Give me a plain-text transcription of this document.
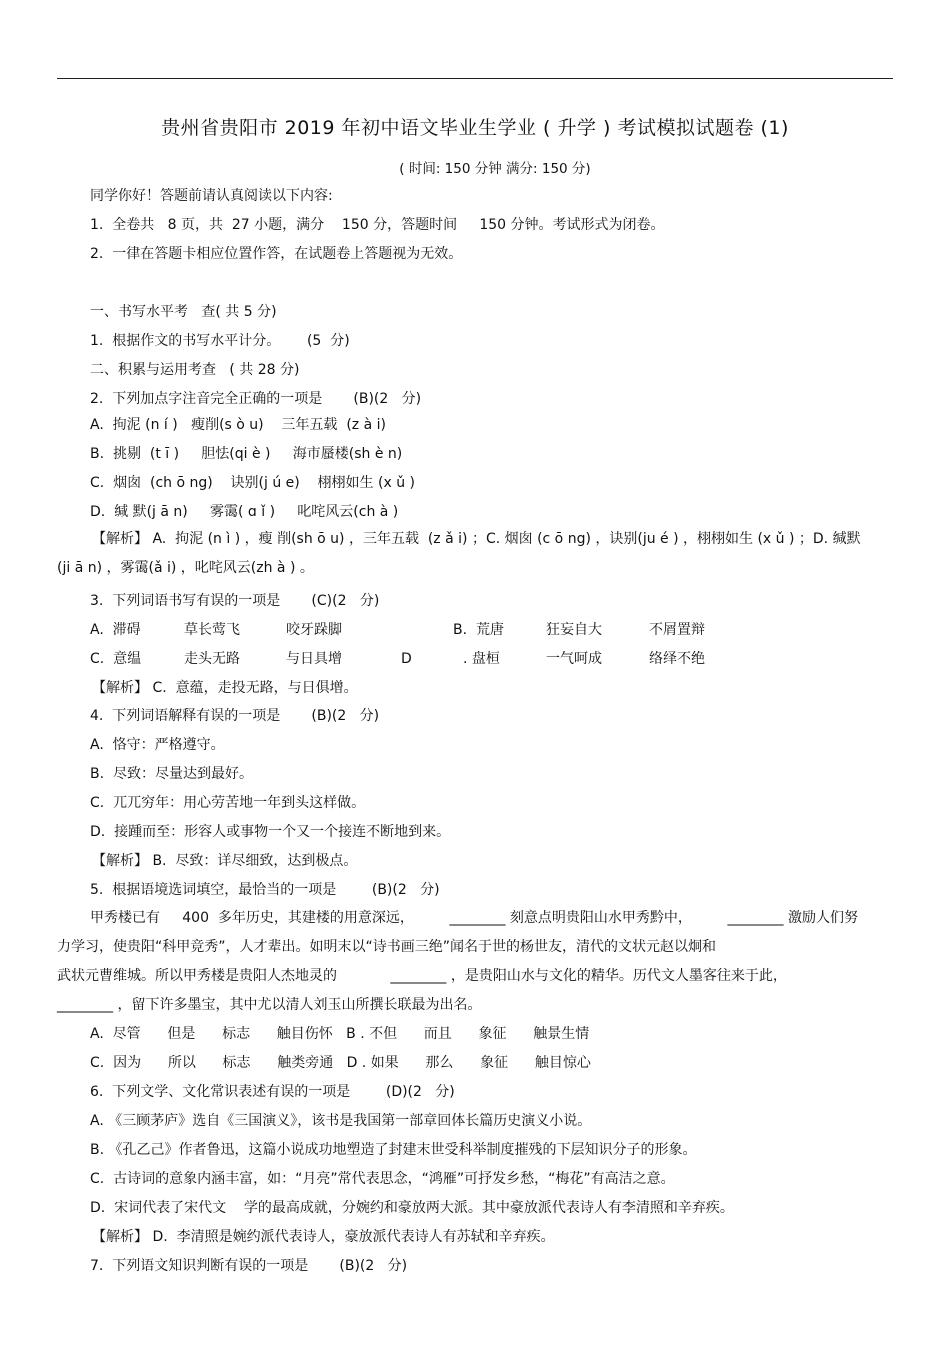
贵州省贵阳市 2019 年初中语文毕业生学业 ( 升学 ) 考试模拟试题卷 (1)
( 时间: 150 分钟 满分: 150 分)
同学你好！答题前请认真阅读以下内容:
1.  全卷共   8 页，共  27 小题，满分    150 分，答题时间     150 分钟。考试形式为闭卷。
2.  一律在答题卡相应位置作答，在试题卷上答题视为无效。
一、书写水平考   查( 共 5 分)
1.  根据作文的书写水平计分。      (5  分)
二、积累与运用考查   ( 共 28 分)
2.  下列加点字注音完全正确的一项是       (B)(2   分)
A.  拘泥 (n í )   瘦削(s ò u)    三年五载  (z à i)
B.  挑剔  (t ī )     胆怯(qi è )     海市蜃楼(sh è n)
C.  烟囱  (ch ō ng)    诀别(j ú e)    栩栩如生 (x ǔ )
D.  缄 默(j ā n)     雾霭( ɑ ǐ )     叱咤风云(ch à )
【解析】 A.  拘泥 (n ì ) ，瘦 削(sh ō u) ，三年五载  (z ǎ i) ；C. 烟囱 (c ō ng) ，诀别(ju é ) ，栩栩如生 (x ǔ ) ；D. 缄默
(ji ā n) ，雾霭(ǎ i) ，叱咤风云(zh à ) 。
3.  下列词语书写有误的一项是       (C)(2   分)
【解析】 C.  意蕴，走投无路，与日俱增。
4.  下列词语解释有误的一项是       (B)(2   分)
A.  恪守：严格遵守。
B.  尽致：尽量达到最好。
C.  兀兀穷年：用心劳苦地一年到头这样做。
D.  接踵而至：形容人或事物一个又一个接连不断地到来。
【解析】 B.  尽致：详尽细致，达到极点。
5.  根据语境选词填空，最恰当的一项是        (B)(2   分)
甲秀楼已有     400  多年历史，其建楼的用意深远，        ________ 刻意点明贵阳山水甲秀黔中，        ________ 激励人们努
力学习，使贵阳“科甲竞秀”，人才辈出。如明末以“诗书画三绝”闻名于世的杨世友，清代的文状元赵以炯和
武状元曹维城。所以甲秀楼是贵阳人杰地灵的            ________ ，是贵阳山水与文化的精华。历代文人墨客往来于此，
________ ，留下许多墨宝，其中尤以清人刘玉山所撰长联最为出名。
6.  下列文学、文化常识表述有误的一项是        (D)(2   分)
A. 《三顾茅庐》选自《三国演义》，该书是我国第一部章回体长篇历史演义小说。
B. 《孔乙己》作者鲁迅，这篇小说成功地塑造了封建末世受科举制度摧残的下层知识分子的形象。
C.  古诗词的意象内涵丰富，如：“月亮”常代表思念，“鸿雁”可抒发乡愁，“梅花”有高洁之意。
D.  宋词代表了宋代文    学的最高成就，分婉约和豪放两大派。其中豪放派代表诗人有李清照和辛弃疾。
【解析】 D.  李清照是婉约派代表诗人，豪放派代表诗人有苏轼和辛弃疾。
7.  下列语文知识判断有误的一项是       (B)(2   分)
A.  滞碍	草长莺飞	咬牙跺脚	B.  荒唐	狂妄自大	不屑置辩
C.  意缊	走头无路	与日具增	D	. 盘桓	一气呵成	络绎不绝
A.  尽管      但是      标志      触目伤怀   B . 不但      而且      象征      触景生情
C.  因为      所以      标志      触类旁通   D . 如果      那么      象征      触目惊心
